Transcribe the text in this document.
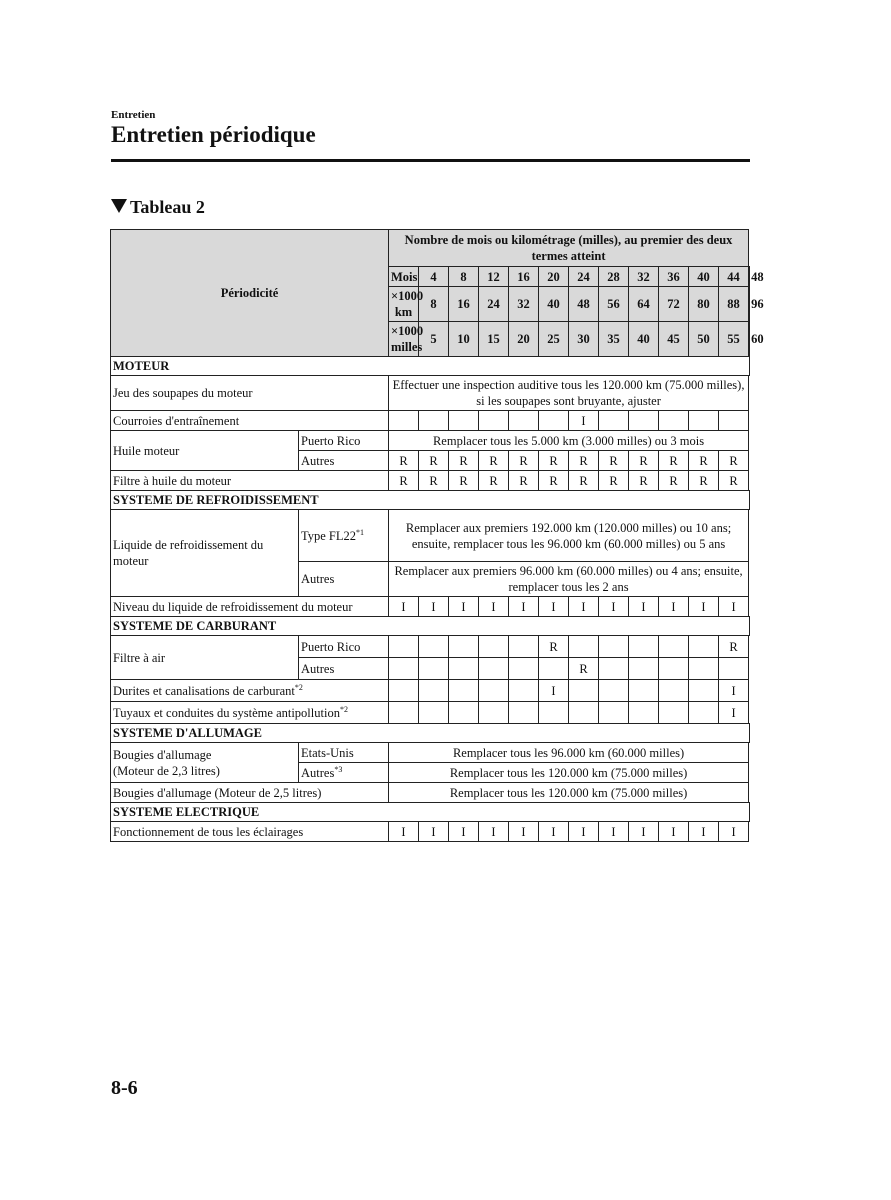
Entretien
Entretien périodique
Tableau 2
Périodicité		Nombre de mois ou kilométrage (milles), au premier des deux termes atteint												
		Mois	4	8	12	16	20	24	28	32	36	40	44	48
		×1000 km	8	16	24	32	40	48	56	64	72	80	88	96
		×1000 milles	5	10	15	20	25	30	35	40	45	50	55	60
MOTEUR														
Jeu des soupapes du moteur		Effectuer une inspection auditive tous les 120.000 km (75.000 milles), si les soupapes sont bruyante, ajuster												
Courroies d'entraînement								I						
Huile moteur	Puerto Rico	Remplacer tous les 5.000 km (3.000 milles) ou 3 mois												
	Autres	R	R	R	R	R	R	R	R	R	R	R	R	
Filtre à huile du moteur		R	R	R	R	R	R	R	R	R	R	R	R	
SYSTEME DE REFROIDISSEMENT														
Liquide de refroidissement du moteur	Type FL22$^{*1}$	Remplacer aux premiers 192.000 km (120.000 milles) ou 10 ans; ensuite, remplacer tous les 96.000 km (60.000 milles) ou 5 ans												
	Autres	Remplacer aux premiers 96.000 km (60.000 milles) ou 4 ans; ensuite, remplacer tous les 2 ans												
Niveau du liquide de refroidissement du moteur		I	I	I	I	I	I	I	I	I	I	I	I	
SYSTEME DE CARBURANT														
Filtre à air	Puerto Rico						R						R	
	Autres							R						
Durites et canalisations de carburant$^{*2}$							I						I	
Tuyaux et conduites du système antipollution$^{*2}$													I	
SYSTEME D'ALLUMAGE														
Bougies d'allumage
(Moteur de 2,3 litres)	Etats-Unis	Remplacer tous les 96.000 km (60.000 milles)												
	Autres$^{*3}$	Remplacer tous les 120.000 km (75.000 milles)												
Bougies d'allumage (Moteur de 2,5 litres)		Remplacer tous les 120.000 km (75.000 milles)												
SYSTEME ELECTRIQUE														
Fonctionnement de tous les éclairages		I	I	I	I	I	I	I	I	I	I	I	I	
8-6
